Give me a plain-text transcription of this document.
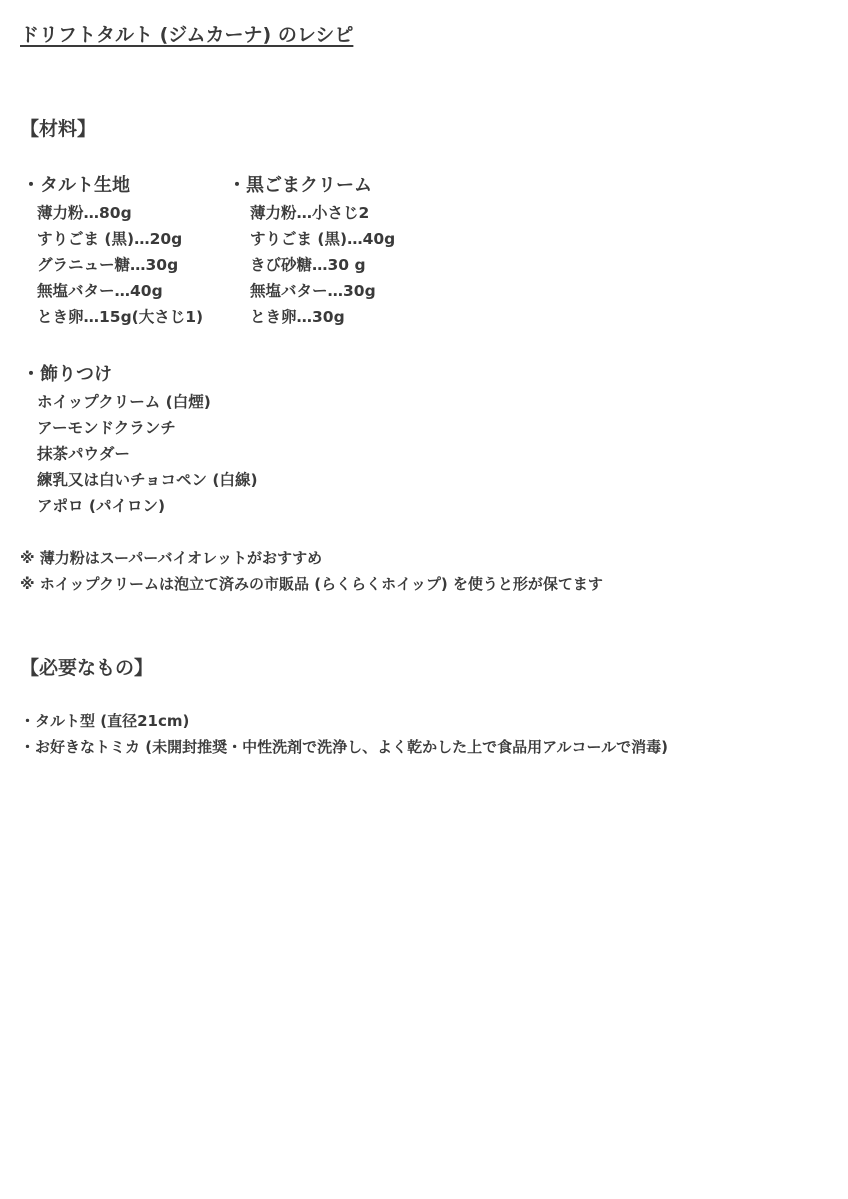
ドリフトタルト (ジムカーナ) のレシピ
【材料】
・タルト生地
薄力粉…80g
すりごま (黒)…20g
グラニュー糖…30g
無塩バター…40g
とき卵…15g(大さじ1)
・黒ごまクリーム
薄力粉…小さじ2
すりごま (黒)…40g
きび砂糖…30 g
無塩バター…30g
とき卵…30g
・飾りつけ
ホイップクリーム (白煙)
アーモンドクランチ
抹茶パウダー
練乳又は白いチョコペン (白線)
アポロ (パイロン)
※ 薄力粉はスーパーバイオレットがおすすめ
※ ホイップクリームは泡立て済みの市販品 (らくらくホイップ) を使うと形が保てます
【必要なもの】
・タルト型 (直径21cm)
・お好きなトミカ (未開封推奨・中性洗剤で洗浄し、よく乾かした上で食品用アルコールで消毒)
